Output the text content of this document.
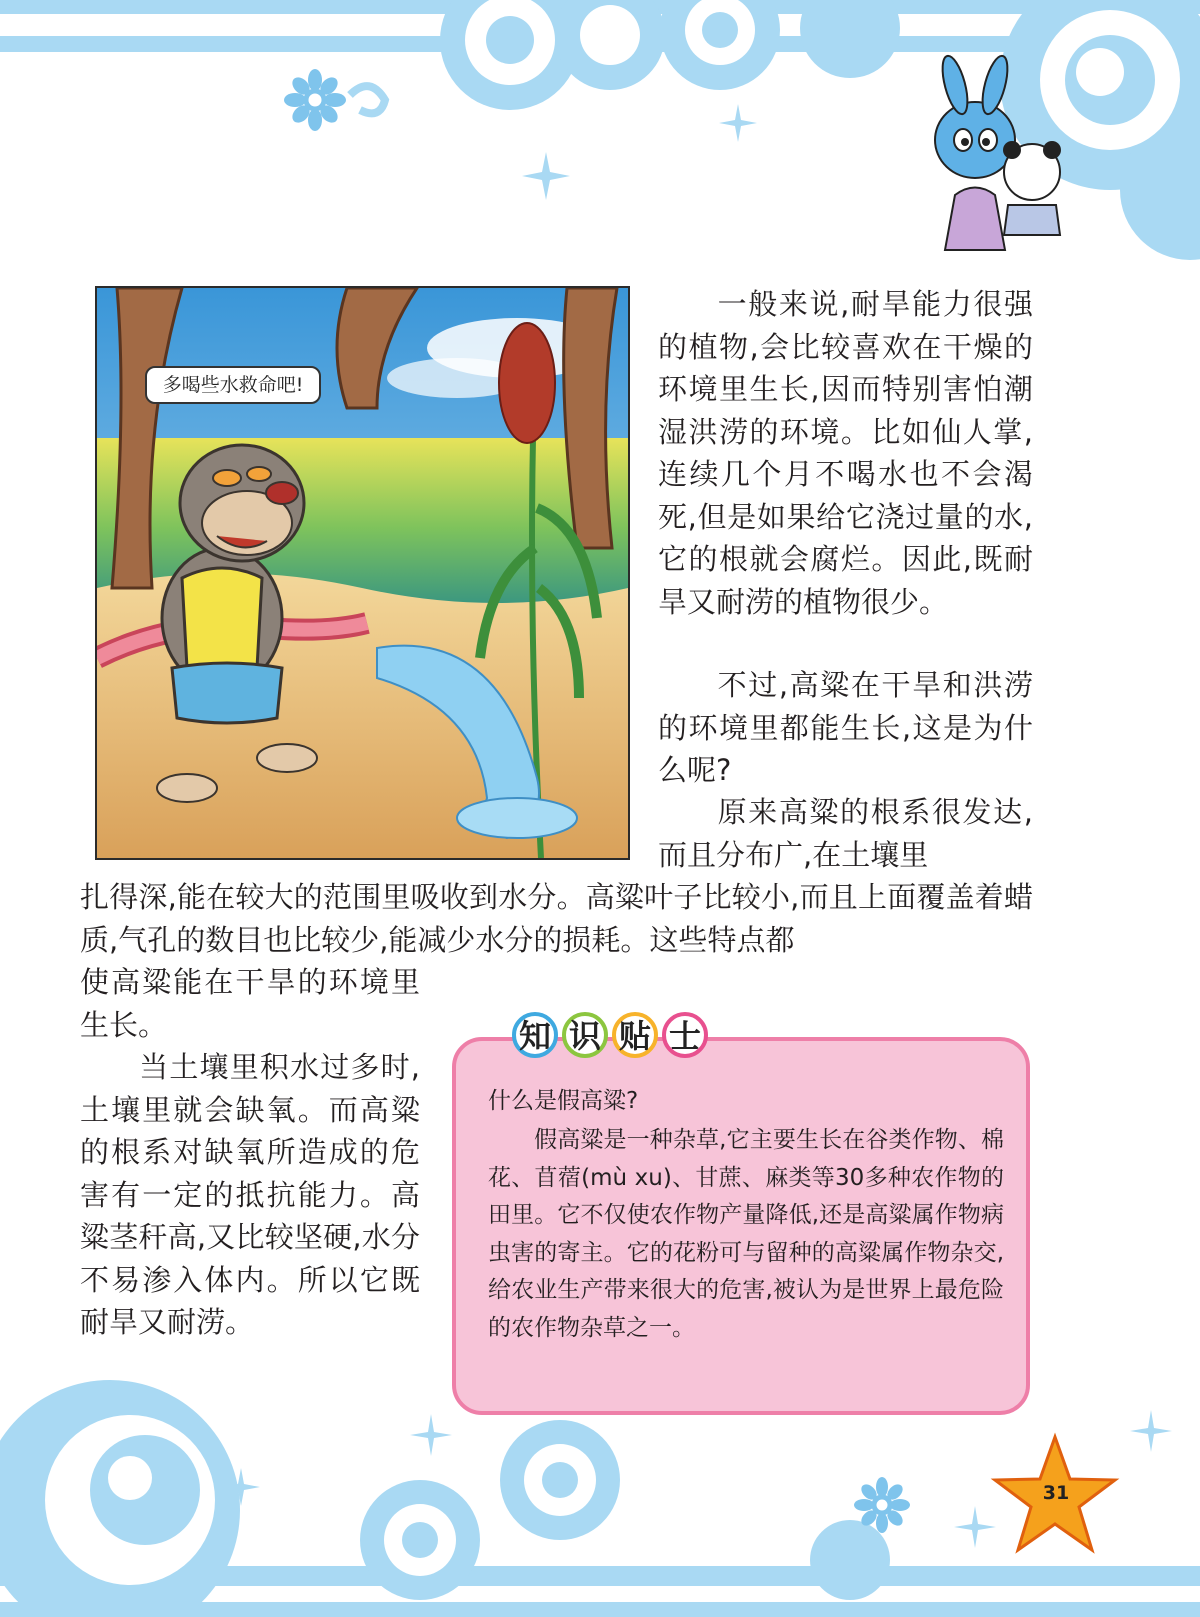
多喝些水救命吧!

一般来说,耐旱能力很强的植物,会比较喜欢在干燥的环境里生长,因而特别害怕潮湿洪涝的环境。比如仙人掌,连续几个月不喝水也不会渴死,但是如果给它浇过量的水,它的根就会腐烂。因此,既耐旱又耐涝的植物很少。

不过,高粱在干旱和洪涝的环境里都能生长,这是为什么呢?

原来高粱的根系很发达,而且分布广,在土壤里

扎得深,能在较大的范围里吸收到水分。高粱叶子比较小,而且上面覆盖着蜡质,气孔的数目也比较少,能减少水分的损耗。这些特点都

使高粱能在干旱的环境里生长。

当土壤里积水过多时,土壤里就会缺氧。而高粱的根系对缺氧所造成的危害有一定的抵抗能力。高粱茎秆高,又比较坚硬,水分不易渗入体内。所以它既耐旱又耐涝。

知 识 贴 士

什么是假高粱?

假高粱是一种杂草,它主要生长在谷类作物、棉花、苜蓿(mù xu)、甘蔗、麻类等30多种农作物的田里。它不仅使农作物产量降低,还是高粱属作物病虫害的寄主。它的花粉可与留种的高粱属作物杂交,给农业生产带来很大的危害,被认为是世界上最危险的农作物杂草之一。

31
